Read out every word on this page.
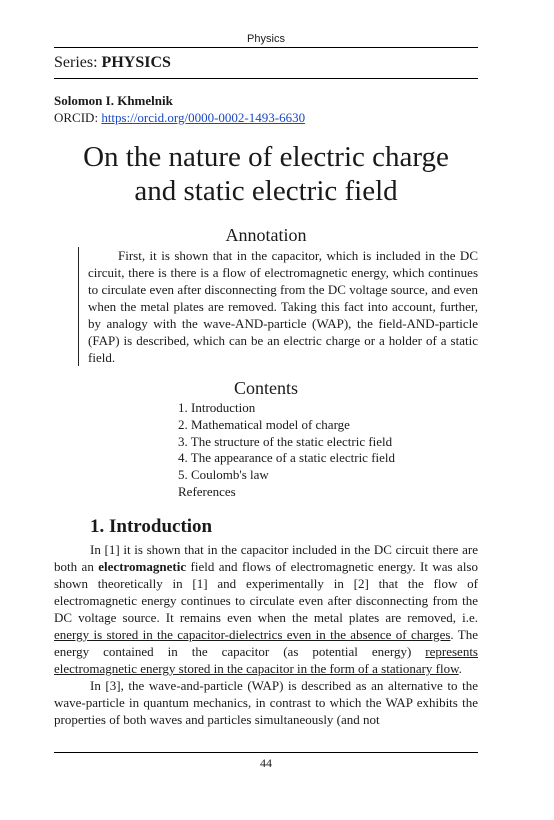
Physics
Series: PHYSICS
Solomon I. Khmelnik
ORCID: https://orcid.org/0000-0002-1493-6630
On the nature of electric charge
and static electric field
Annotation

First, it is shown that in the capacitor, which is included in the DC circuit, there is there is a flow of electromagnetic energy, which continues to circulate even after disconnecting from the DC voltage source, and even when the metal plates are removed. Taking this fact into account, further, by analogy with the wave-AND-particle (WAP), the field-AND-particle (FAP) is described, which can be an electric charge or a holder of a static field.

Contents
1. Introduction
2. Mathematical model of charge
3. The structure of the static electric field
4. The appearance of a static electric field
5. Coulomb's law
References
1. Introduction

In [1] it is shown that in the capacitor included in the DC circuit there are both an electromagnetic field and flows of electromagnetic energy. It was also shown theoretically in [1] and experimentally in [2] that the flow of electromagnetic energy continues to circulate even after disconnecting from the DC voltage source. It remains even when the metal plates are removed, i.e. energy is stored in the capacitor-dielectrics even in the absence of charges. The energy contained in the capacitor (as potential energy) represents electromagnetic energy stored in the capacitor in the form of a stationary flow.

In [3], the wave-and-particle (WAP) is described as an alternative to the wave-particle in quantum mechanics, in contrast to which the WAP exhibits the properties of both waves and particles simultaneously (and not

44
